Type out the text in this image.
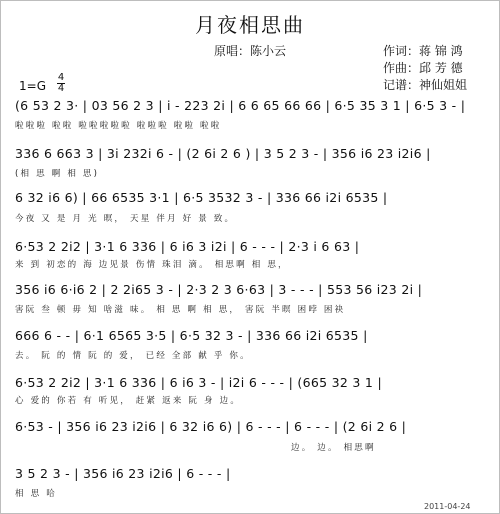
月夜相思曲
原唱：陈小云	作词：蒋 锦 鸿
作曲：邱 芳 德
记谱：神仙姐姐
1=G
4
4
(6 53 2 3· | 03 56 2 3 | i - 223 2i | 6 6 65 66 66 | 6·5 35 3 1 | 6·5 3 - |
啦啦啦 啦啦 啦啦啦啦啦 啦啦啦 啦啦 啦啦
336 6 663 3 | 3i 232i 6 - | (2 6i 2 6 ) | 3 5 2 3 - | 356 i6 23 i2i6 |
(相 思 啊 相 思)
6 32 i6 6) | 66 6535 3·1 | 6·5 3532 3 - | 336 66 i2i 6535 |
今夜 又 是 月 光 暝， 天星 伴月 好 景 致。
6·53 2 2i2 | 3·1 6 336 | 6 i6 3 i2i | 6 - - - | 2·3 i 6 63 |
来 到 初恋的 海 边见景 伤情 珠泪 滴。 相思啊 相 思，
356 i6 6·i6 2 | 2 2i65 3 - | 2·3 2 3 6·63 | 3 - - - | 553 56 i23 2i |
害阮 叁 顿 毋 知 啥滋 味。 相 思 啊 相 思， 害阮 半暝 困哱 困袂
666 6 - - | 6·1 6565 3·5 | 6·5 32 3 - | 336 66 i2i 6535 |
去。 阮 的 情 阮 的 爱， 已经 全部 献 乎 你。
6·53 2 2i2 | 3·1 6 336 | 6 i6 3 - | i2i 6 - - - | (665 32 3 1 |
心 爱的 你若 有 听见， 赶紧 返来 阮 身 边。
6·53 - | 356 i6 23 i2i6 | 6 32 i6 6) | 6 - - - | 6 - - - | (2 6i 2 6 |
边。 边。 相思啊
3 5 2 3 - | 356 i6 23 i2i6 | 6 - - - |
相 思 哈
2011-04-24
